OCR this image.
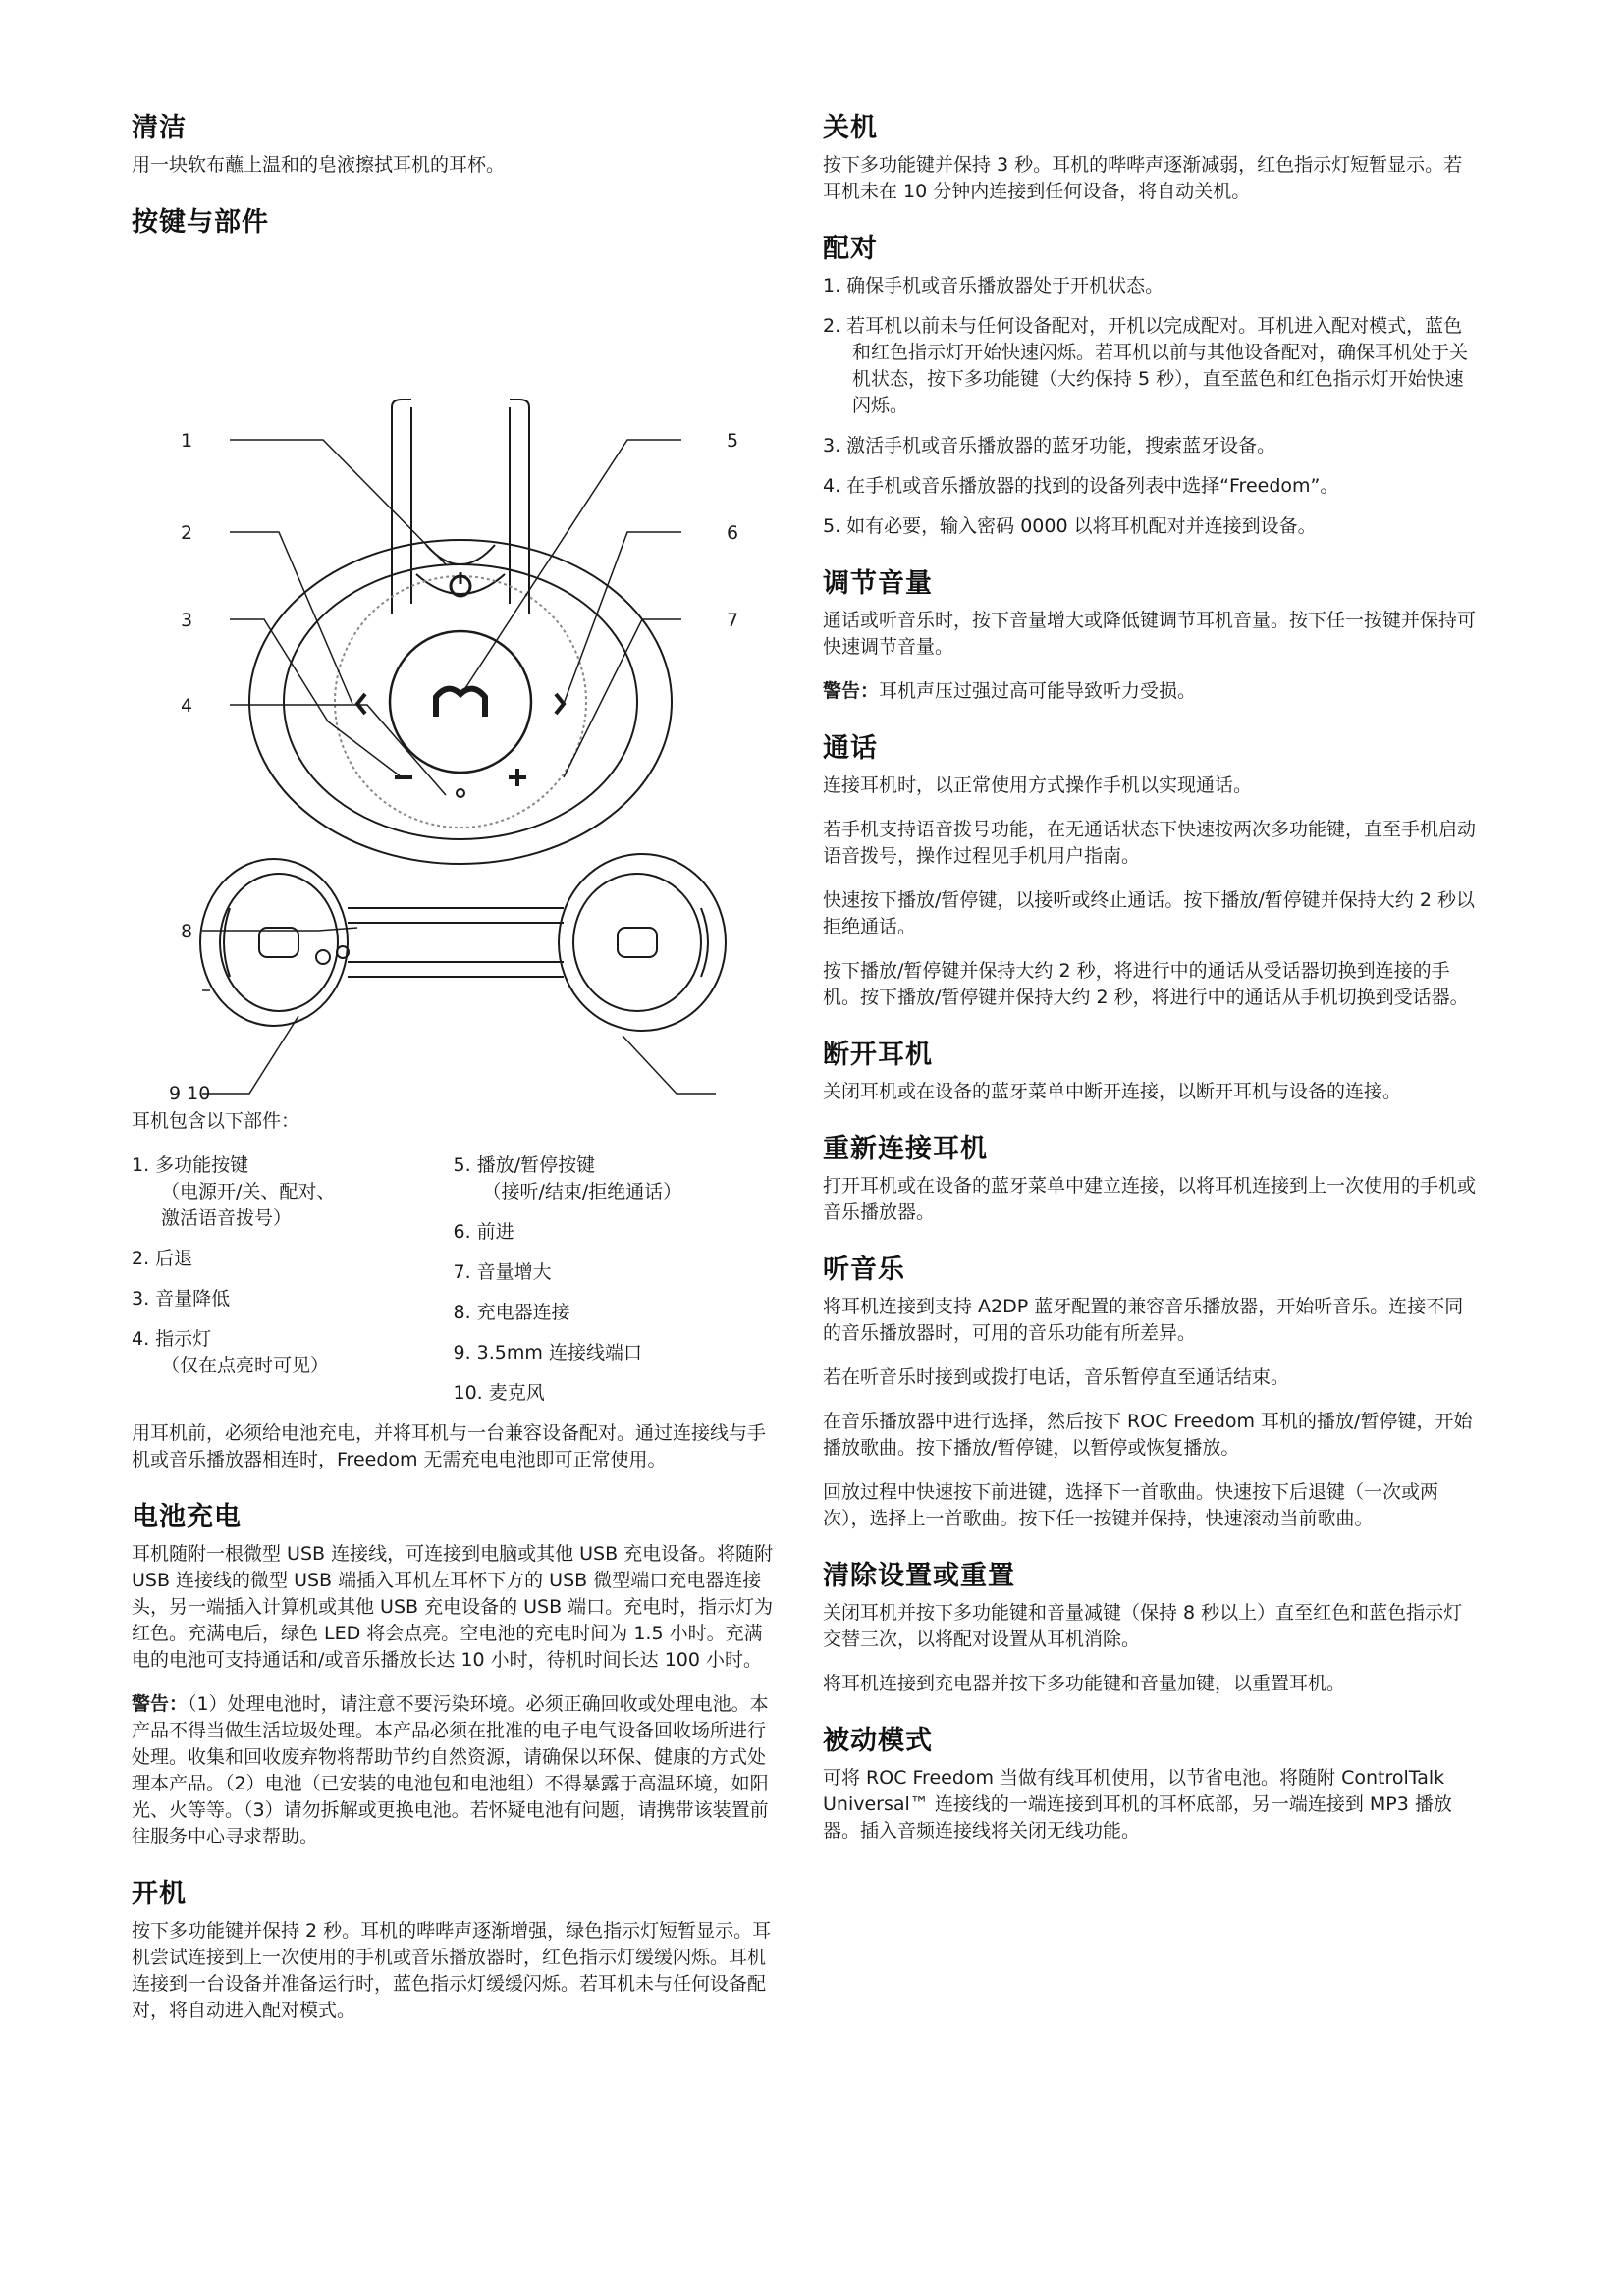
清洁

用一块软布蘸上温和的皂液擦拭耳机的耳杯。

按键与部件
1
2
3
4
5
6
7
8
9 10

耳机包含以下部件：

1. 多功能按键
（电源开/关、配对、
激活语音拨号）
2. 后退
3. 音量降低
4. 指示灯
（仅在点亮时可见）
5. 播放/暂停按键
（接听/结束/拒绝通话）
6. 前进
7. 音量增大
8. 充电器连接
9. 3.5mm 连接线端口
10. 麦克风

用耳机前，必须给电池充电，并将耳机与一台兼容设备配对。通过连接线与手机或音乐播放器相连时，Freedom 无需充电电池即可正常使用。

电池充电

耳机随附一根微型 USB 连接线，可连接到电脑或其他 USB 充电设备。将随附 USB 连接线的微型 USB 端插入耳机左耳杯下方的 USB 微型端口充电器连接头，另一端插入计算机或其他 USB 充电设备的 USB 端口。充电时，指示灯为红色。充满电后，绿色 LED 将会点亮。空电池的充电时间为 1.5 小时。充满电的电池可支持通话和/或音乐播放长达 10 小时，待机时间长达 100 小时。

警告：（1）处理电池时，请注意不要污染环境。必须正确回收或处理电池。本产品不得当做生活垃圾处理。本产品必须在批准的电子电气设备回收场所进行处理。收集和回收废弃物将帮助节约自然资源，请确保以环保、健康的方式处理本产品。（2）电池（已安装的电池包和电池组）不得暴露于高温环境，如阳光、火等等。（3）请勿拆解或更换电池。若怀疑电池有问题，请携带该装置前往服务中心寻求帮助。

开机

按下多功能键并保持 2 秒。耳机的哔哔声逐渐增强，绿色指示灯短暂显示。耳机尝试连接到上一次使用的手机或音乐播放器时，红色指示灯缓缓闪烁。耳机连接到一台设备并准备运行时，蓝色指示灯缓缓闪烁。若耳机未与任何设备配对，将自动进入配对模式。

关机

按下多功能键并保持 3 秒。耳机的哔哔声逐渐减弱，红色指示灯短暂显示。若耳机未在 10 分钟内连接到任何设备，将自动关机。

配对
1. 确保手机或音乐播放器处于开机状态。
2. 若耳机以前未与任何设备配对，开机以完成配对。耳机进入配对模式，蓝色和红色指示灯开始快速闪烁。若耳机以前与其他设备配对，确保耳机处于关机状态，按下多功能键（大约保持 5 秒），直至蓝色和红色指示灯开始快速闪烁。
3. 激活手机或音乐播放器的蓝牙功能，搜索蓝牙设备。
4. 在手机或音乐播放器的找到的设备列表中选择“Freedom”。
5. 如有必要，输入密码 0000 以将耳机配对并连接到设备。
调节音量

通话或听音乐时，按下音量增大或降低键调节耳机音量。按下任一按键并保持可快速调节音量。

警告：耳机声压过强过高可能导致听力受损。

通话

连接耳机时，以正常使用方式操作手机以实现通话。

若手机支持语音拨号功能，在无通话状态下快速按两次多功能键，直至手机启动语音拨号，操作过程见手机用户指南。

快速按下播放/暂停键，以接听或终止通话。按下播放/暂停键并保持大约 2 秒以拒绝通话。

按下播放/暂停键并保持大约 2 秒，将进行中的通话从受话器切换到连接的手机。按下播放/暂停键并保持大约 2 秒，将进行中的通话从手机切换到受话器。

断开耳机

关闭耳机或在设备的蓝牙菜单中断开连接，以断开耳机与设备的连接。

重新连接耳机

打开耳机或在设备的蓝牙菜单中建立连接，以将耳机连接到上一次使用的手机或音乐播放器。

听音乐

将耳机连接到支持 A2DP 蓝牙配置的兼容音乐播放器，开始听音乐。连接不同的音乐播放器时，可用的音乐功能有所差异。

若在听音乐时接到或拨打电话，音乐暂停直至通话结束。

在音乐播放器中进行选择，然后按下 ROC Freedom 耳机的播放/暂停键，开始播放歌曲。按下播放/暂停键，以暂停或恢复播放。

回放过程中快速按下前进键，选择下一首歌曲。快速按下后退键（一次或两次），选择上一首歌曲。按下任一按键并保持，快速滚动当前歌曲。

清除设置或重置

关闭耳机并按下多功能键和音量减键（保持 8 秒以上）直至红色和蓝色指示灯交替三次，以将配对设置从耳机消除。

将耳机连接到充电器并按下多功能键和音量加键，以重置耳机。

被动模式

可将 ROC Freedom 当做有线耳机使用，以节省电池。将随附 ControlTalk Universal™ 连接线的一端连接到耳机的耳杯底部，另一端连接到 MP3 播放器。插入音频连接线将关闭无线功能。
